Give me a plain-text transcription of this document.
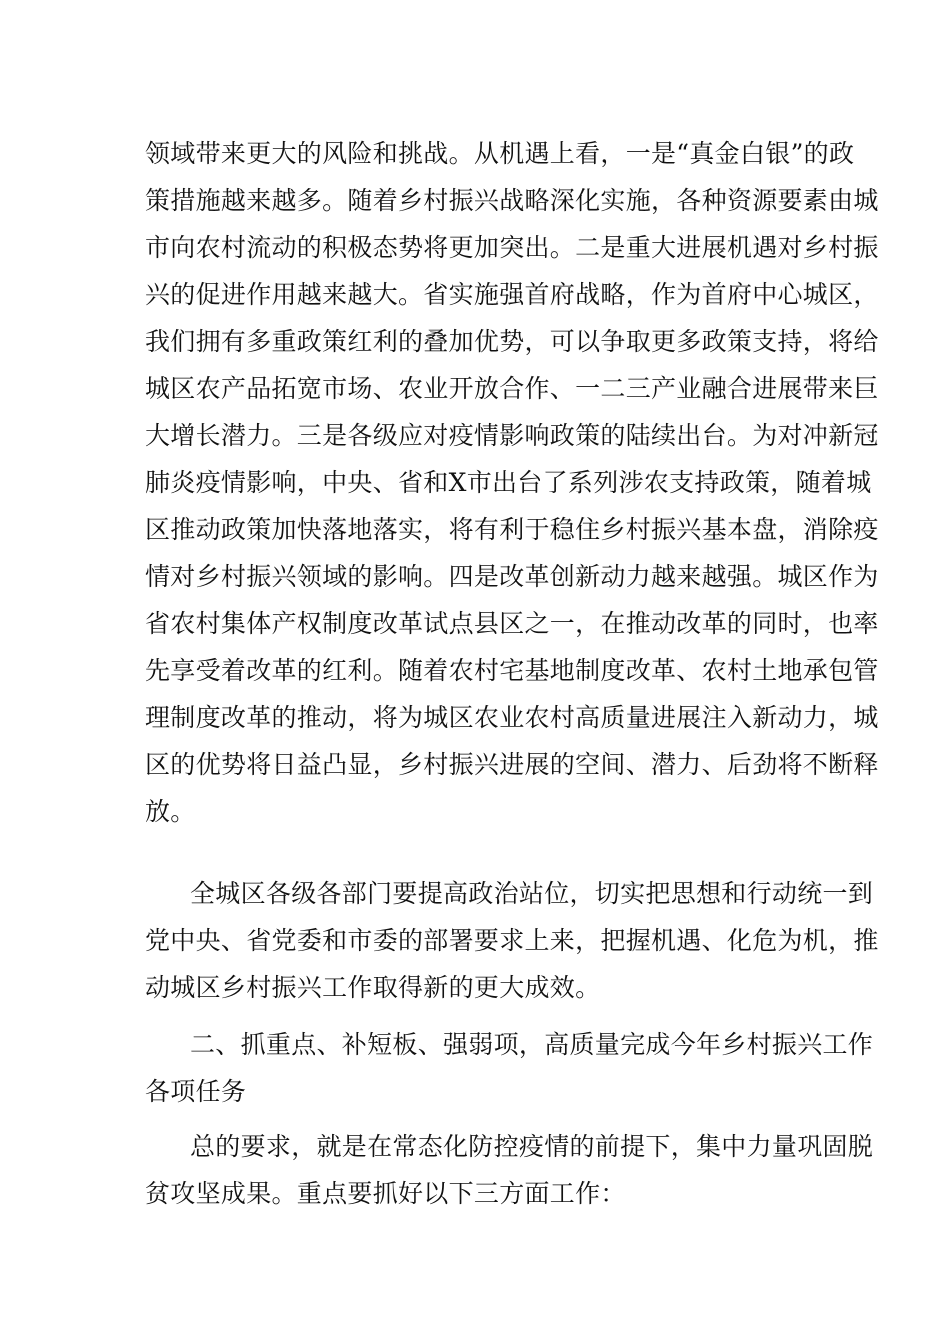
领域带来更大的风险和挑战。从机遇上看，一是“真金白银”的政
策措施越来越多。随着乡村振兴战略深化实施，各种资源要素由城
市向农村流动的积极态势将更加突出。二是重大进展机遇对乡村振
兴的促进作用越来越大。省实施强首府战略，作为首府中心城区，
我们拥有多重政策红利的叠加优势，可以争取更多政策支持，将给
城区农产品拓宽市场、农业开放合作、一二三产业融合进展带来巨
大增长潜力。三是各级应对疫情影响政策的陆续出台。为对冲新冠
肺炎疫情影响，中央、省和X市出台了系列涉农支持政策，随着城
区推动政策加快落地落实，将有利于稳住乡村振兴基本盘，消除疫
情对乡村振兴领域的影响。四是改革创新动力越来越强。城区作为
省农村集体产权制度改革试点县区之一，在推动改革的同时，也率
先享受着改革的红利。随着农村宅基地制度改革、农村土地承包管
理制度改革的推动，将为城区农业农村高质量进展注入新动力，城
区的优势将日益凸显，乡村振兴进展的空间、潜力、后劲将不断释
放。
全城区各级各部门要提高政治站位，切实把思想和行动统一到
党中央、省党委和市委的部署要求上来，把握机遇、化危为机，推
动城区乡村振兴工作取得新的更大成效。
二、抓重点、补短板、强弱项，高质量完成今年乡村振兴工作
各项任务
总的要求，就是在常态化防控疫情的前提下，集中力量巩固脱
贫攻坚成果。重点要抓好以下三方面工作：
